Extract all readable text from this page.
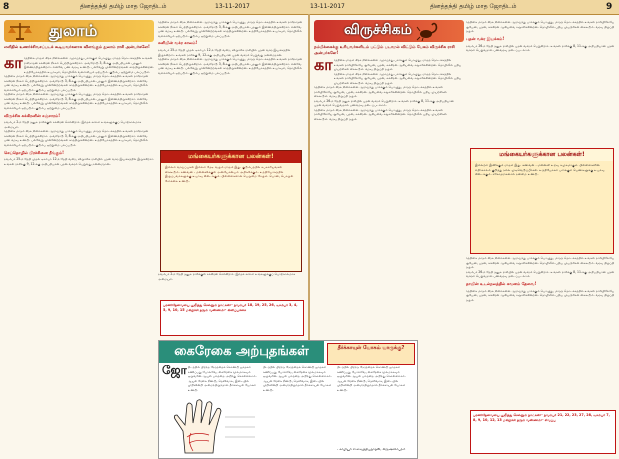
8	தினத்தந்தி தமிழ் மாத ஜோதிடம்	13-11-2017	13-11-2017	தினத்தந்தி தமிழ் மாத ஜோதிடம்	9
துலாம்
எளிதில் உணர்ச்சிவசப்படக் கூடியவர்களாக விளங்கும் துலாம் ராசி அன்பர்களே!
கா ர்த்திகை மாதம் கிரக நிலைகளை ஆராய்ந்து பார்க்கும் பொழுது, மாதத் தொடக்கத்தில் உங்கள் ராசிநாதன் சுக்கிரன் நீச்சம் பெற்றிருக்கிறார். அவரோடு 3, 8-க்கு அதிபதியான புதனும் இணைந்திருக்கிறார். எனவே பண வரவு உண்டு. பல்வேறு முன்னேற்றங்கள் காத்திருக்கின்றன. உத்தியோகத்தில் உயர்வும், தொழிலில் வளர்ச்சியும் ஏற்படும். குடும்ப ஒற்றுமை பலப்படும்.
ர்த்திகை மாதம் கிரக நிலைகளை ஆராய்ந்து பார்க்கும் பொழுது, மாதத் தொடக்கத்தில் உங்கள் ராசிநாதன் சுக்கிரன் நீச்சம் பெற்றிருக்கிறார். அவரோடு 3, 8-க்கு அதிபதியான புதனும் இணைந்திருக்கிறார். எனவே பண வரவு உண்டு. பல்வேறு முன்னேற்றங்கள் காத்திருக்கின்றன. உத்தியோகத்தில் உயர்வும், தொழிலில் வளர்ச்சியும் ஏற்படும். குடும்ப ஒற்றுமை பலப்படும்.
ர்த்திகை மாதம் கிரக நிலைகளை ஆராய்ந்து பார்க்கும் பொழுது, மாதத் தொடக்கத்தில் உங்கள் ராசிநாதன் சுக்கிரன் நீச்சம் பெற்றிருக்கிறார். அவரோடு 3, 8-க்கு அதிபதியான புதனும் இணைந்திருக்கிறார். எனவே பண வரவு உண்டு. பல்வேறு முன்னேற்றங்கள் காத்திருக்கின்றன. உத்தியோகத்தில் உயர்வும், தொழிலில் வளர்ச்சியும் ஏற்படும். குடும்ப ஒற்றுமை பலப்படும்.
விருச்சிக சுக்கிரனின் சஞ்சாரம்!
நவம்பர் 2-ந் தேதி தனுசு ராசிக்குள் சுக்கிரன் செல்கிறார். இந்தக் காலம் உங்களுக்குப் பொற்காலமாக அமையும்.
ர்த்திகை மாதம் கிரக நிலைகளை ஆராய்ந்து பார்க்கும் பொழுது, மாதத் தொடக்கத்தில் உங்கள் ராசிநாதன் சுக்கிரன் நீச்சம் பெற்றிருக்கிறார். அவரோடு 3, 8-க்கு அதிபதியான புதனும் இணைந்திருக்கிறார். எனவே பண வரவு உண்டு. பல்வேறு முன்னேற்றங்கள் காத்திருக்கின்றன. உத்தியோகத்தில் உயர்வும், தொழிலில் வளர்ச்சியும் ஏற்படும். குடும்ப ஒற்றுமை பலப்படும்.
செய்தொழில் பிரச்சினை நீங்கும்!
நவம்பர் 25-ந் தேதி முதல் டிசம்பர் 12-ந் தேதி வரை, விருச்சிக ராசியில் புதன் வக்ர இயக்கத்தில் இருக்கிறார். உங்கள் ராசிக்கு 9, 12-க்கு அதிபதியான புதன் வக்ரம் பெறுவது நன்மைதான்.
ர்த்திகை மாதம் கிரக நிலைகளை ஆராய்ந்து பார்க்கும் பொழுது, மாதத் தொடக்கத்தில் உங்கள் ராசிநாதன் சுக்கிரன் நீச்சம் பெற்றிருக்கிறார். அவரோடு 3, 8-க்கு அதிபதியான புதனும் இணைந்திருக்கிறார். எனவே பண வரவு உண்டு. பல்வேறு முன்னேற்றங்கள் காத்திருக்கின்றன. உத்தியோகத்தில் உயர்வும், தொழிலில் வளர்ச்சியும் ஏற்படும். குடும்ப ஒற்றுமை பலப்படும்.
சனியின் வக்ர காலம்!
நவம்பர் 25-ந் தேதி முதல் டிசம்பர் 12-ந் தேதி வரை, விருச்சிக ராசியில் புதன் வக்ர இயக்கத்தில் இருக்கிறார். உங்கள் ராசிக்கு 9, 12-க்கு அதிபதியான புதன் வக்ரம் பெறுவது நன்மைதான்.
ர்த்திகை மாதம் கிரக நிலைகளை ஆராய்ந்து பார்க்கும் பொழுது, மாதத் தொடக்கத்தில் உங்கள் ராசிநாதன் சுக்கிரன் நீச்சம் பெற்றிருக்கிறார். அவரோடு 3, 8-க்கு அதிபதியான புதனும் இணைந்திருக்கிறார். எனவே பண வரவு உண்டு. பல்வேறு முன்னேற்றங்கள் காத்திருக்கின்றன. உத்தியோகத்தில் உயர்வும், தொழிலில் வளர்ச்சியும் ஏற்படும். குடும்ப ஒற்றுமை பலப்படும்.
மங்கையர்களுக்கான பலன்கள்!
இல்லம் வாய்ப்புகள் இல்லம் தேடி வரும் மாதம் இது. குடும்பத்தில் சுபகாரியங்கள் கைகூடும். கணவன் - மனைவிக்குள் அன்யோன்யம் அதிகரிக்கும். உத்தியோகத்தில் இருப்பவர்களுக்கு உயர்வு கிடைக்கும். பிள்ளைகளால் பெருமை சேரும். பொன், பொருள் சேர்க்கை உண்டு.
நவம்பர் 2-ந் தேதி தனுசு ராசிக்குள் சுக்கிரன் செல்கிறார். இந்தக் காலம் உங்களுக்குப் பொற்காலமாக அமையும்.
பரணிதேவையை பூஜித்து செல்லும் நாட்கள்:- நவம்பர் 18, 19, 25, 26, டிசம்பர் 3, 4, 5, 9, 10, 15 மகிழ்ச்சி தரும் வண்ணம்:- கிளிப்பச்சை
கைரேகை அற்புதங்கள்	தீர்க்காயுள் யோகம் யாருக்கு?
ஜோ திடத்தில் பிறந்த நேரத்தைக் கொண்டு ஜாதகம் கணிப்பது போலவே, கைரேகை மூலமாகவும் ஒருவரின் ஆயுள் பலத்தை அறிந்து கொள்ளலாம். ஆயுள் ரேகை நீண்டு, தெளிவாக, இடையில் முறிவின்றி அமைந்திருந்தால் தீர்க்காயுள் யோகம் உண்டு.
திடத்தில் பிறந்த நேரத்தைக் கொண்டு ஜாதகம் கணிப்பது போலவே, கைரேகை மூலமாகவும் ஒருவரின் ஆயுள் பலத்தை அறிந்து கொள்ளலாம். ஆயுள் ரேகை நீண்டு, தெளிவாக, இடையில் முறிவின்றி அமைந்திருந்தால் தீர்க்காயுள் யோகம் உண்டு.
திடத்தில் பிறந்த நேரத்தைக் கொண்டு ஜாதகம் கணிப்பது போலவே, கைரேகை மூலமாகவும் ஒருவரின் ஆயுள் பலத்தை அறிந்து கொள்ளலாம். ஆயுள் ரேகை நீண்டு, தெளிவாக, இடையில் முறிவின்றி அமைந்திருந்தால் தீர்க்காயுள் யோகம் உண்டு.
- காழியூர் சி.வைத்தியநாதன், கிருஷ்ணாபுரம்
விருச்சிகம்
நம்பிக்கைக்கு உரியவர்களிடம் பட்டும் படாமல் விட்டும் பேசும் விருச்சிக ராசி அன்பர்களே!
கா ர்த்திகை மாதம் கிரக நிலைகளை ஆராய்ந்து பார்க்கும் பொழுது, மாதத் தொடக்கத்தில் உங்கள் ராசியிலேயே சூரியன், புதன், சுக்கிரன் ஆகியவை சஞ்சரிக்கின்றன. தொழிலில் புதிய முயற்சிகள் கைகூடும். வரவு திருப்தி தரும்.
ர்த்திகை மாதம் கிரக நிலைகளை ஆராய்ந்து பார்க்கும் பொழுது, மாதத் தொடக்கத்தில் உங்கள் ராசியிலேயே சூரியன், புதன், சுக்கிரன் ஆகியவை சஞ்சரிக்கின்றன. தொழிலில் புதிய முயற்சிகள் கைகூடும். வரவு திருப்தி தரும்.
ர்த்திகை மாதம் கிரக நிலைகளை ஆராய்ந்து பார்க்கும் பொழுது, மாதத் தொடக்கத்தில் உங்கள் ராசியிலேயே சூரியன், புதன், சுக்கிரன் ஆகியவை சஞ்சரிக்கின்றன. தொழிலில் புதிய முயற்சிகள் கைகூடும். வரவு திருப்தி தரும்.
நவம்பர் 26-ந் தேதி தனுசு ராசியில் புதன் வக்ரம் பெறுகிறார். உங்கள் ராசிக்கு 8, 11-க்கு அதிபதியான புதன் வக்ரம் பெறுவதால் பணவரவு தடைப்படலாம்.
ர்த்திகை மாதம் கிரக நிலைகளை ஆராய்ந்து பார்க்கும் பொழுது, மாதத் தொடக்கத்தில் உங்கள் ராசியிலேயே சூரியன், புதன், சுக்கிரன் ஆகியவை சஞ்சரிக்கின்றன. தொழிலில் புதிய முயற்சிகள் கைகூடும். வரவு திருப்தி தரும்.
ர்த்திகை மாதம் கிரக நிலைகளை ஆராய்ந்து பார்க்கும் பொழுது, மாதத் தொடக்கத்தில் உங்கள் ராசியிலேயே சூரியன், புதன், சுக்கிரன் ஆகியவை சஞ்சரிக்கின்றன. தொழிலில் புதிய முயற்சிகள் கைகூடும். வரவு திருப்தி தரும்.
புதன் வக்ர இயக்கம்!
நவம்பர் 26-ந் தேதி தனுசு ராசியில் புதன் வக்ரம் பெறுகிறார். உங்கள் ராசிக்கு 8, 11-க்கு அதிபதியான புதன் வக்ரம் பெறுவதால் பணவரவு தடைப்படலாம்.
மங்கையர்களுக்கான பலன்கள்!
இல்லறம் இனிக்கும் மாதம் இது. கணவன் - மனைவி உறவு சுமுகமாகும். பிள்ளைகளின் எதிர்காலம் குறித்து நல்ல முடிவெடுப்பீர்கள். உத்தியோகம் பார்க்கும் பெண்களுக்கு உயர்வு கிடைக்கும். சகோதரர்களால் நன்மை உண்டு.
ர்த்திகை மாதம் கிரக நிலைகளை ஆராய்ந்து பார்க்கும் பொழுது, மாதத் தொடக்கத்தில் உங்கள் ராசியிலேயே சூரியன், புதன், சுக்கிரன் ஆகியவை சஞ்சரிக்கின்றன. தொழிலில் புதிய முயற்சிகள் கைகூடும். வரவு திருப்தி தரும்.
நவம்பர் 26-ந் தேதி தனுசு ராசியில் புதன் வக்ரம் பெறுகிறார். உங்கள் ராசிக்கு 8, 11-க்கு அதிபதியான புதன் வக்ரம் பெறுவதால் பணவரவு தடைப்படலாம்.
தாயின் உடல்நலத்தில் கவனம் தேவை!
ர்த்திகை மாதம் கிரக நிலைகளை ஆராய்ந்து பார்க்கும் பொழுது, மாதத் தொடக்கத்தில் உங்கள் ராசியிலேயே சூரியன், புதன், சுக்கிரன் ஆகியவை சஞ்சரிக்கின்றன. தொழிலில் புதிய முயற்சிகள் கைகூடும். வரவு திருப்தி தரும்.
பரணிதேவையை பூஜித்து செல்லும் நாட்கள்:- நவம்பர் 21, 22, 23, 27, 28, டிசம்பர் 7, 8, 9, 10, 12, 13 மகிழ்ச்சி தரும் வண்ணம்:- சிவப்பு
